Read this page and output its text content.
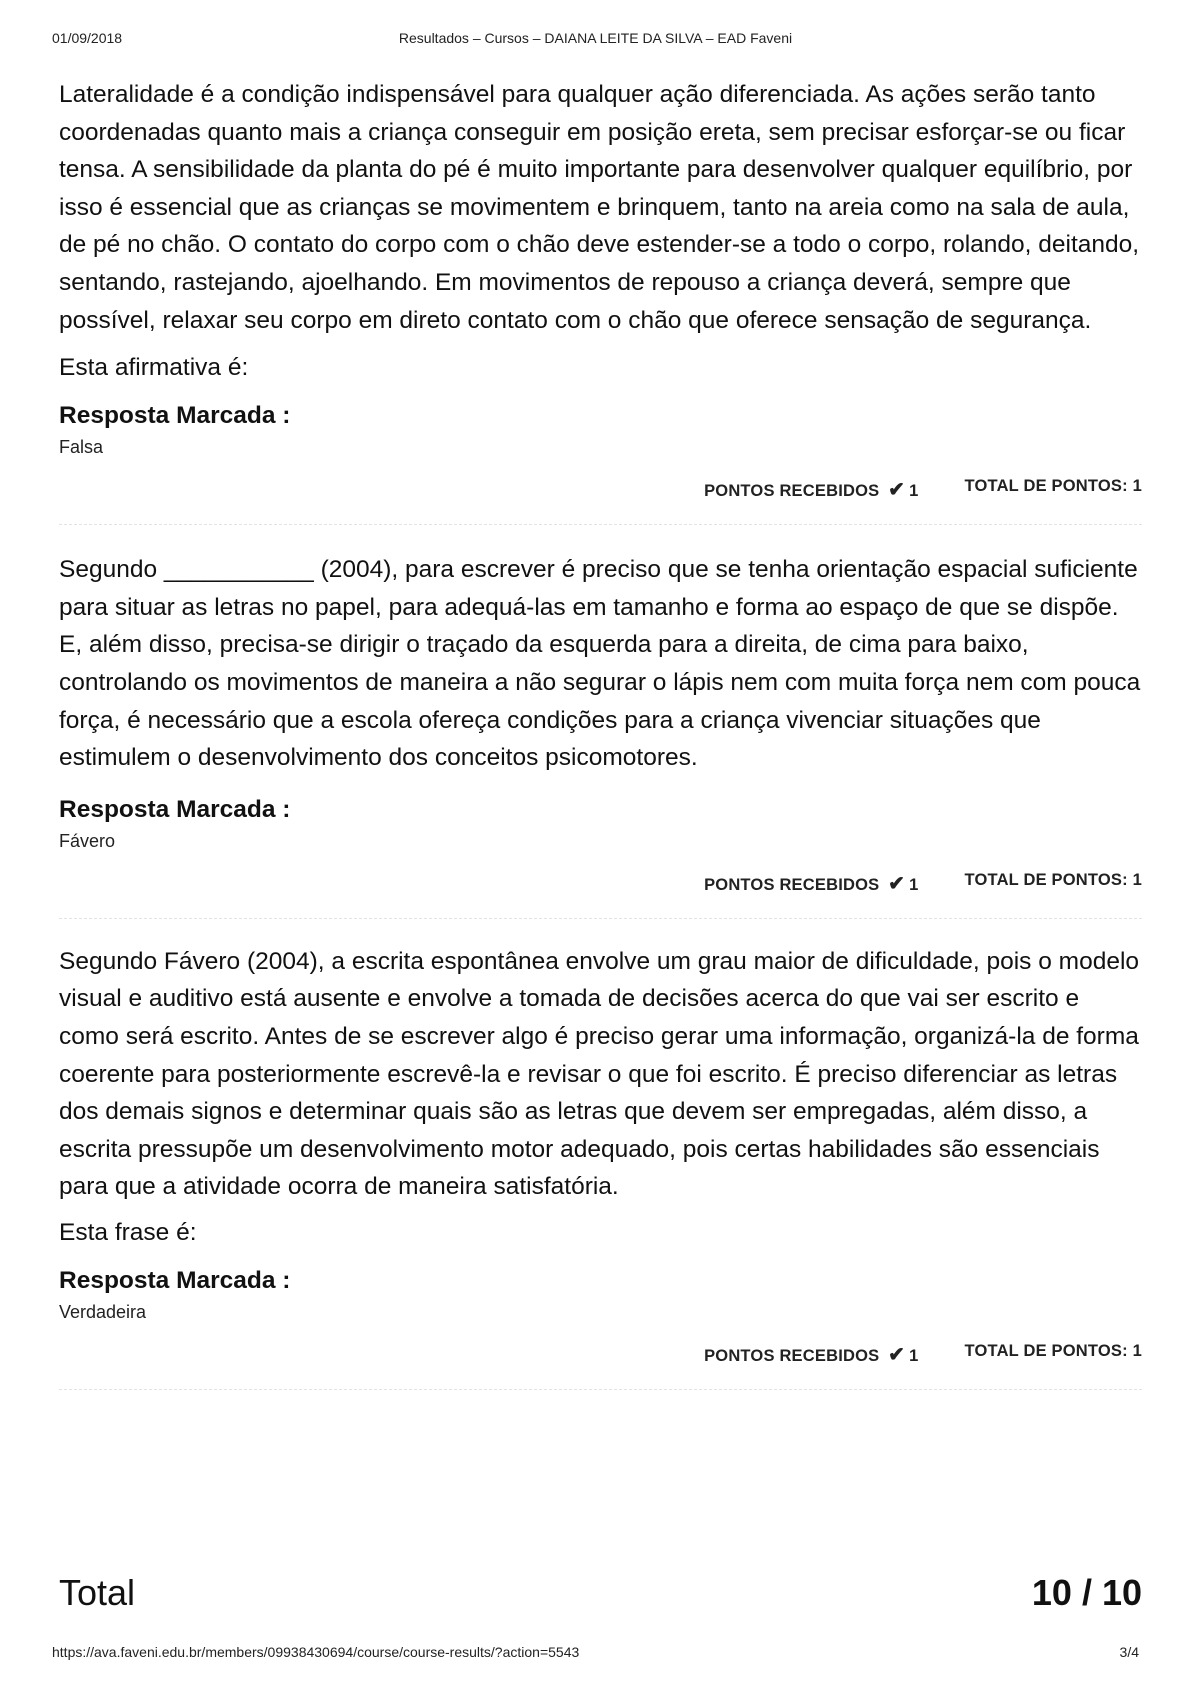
01/09/2018	Resultados – Cursos – DAIANA LEITE DA SILVA – EAD Faveni

Lateralidade é a condição indispensável para qualquer ação diferenciada. As ações serão tanto coordenadas quanto mais a criança conseguir em posição ereta, sem precisar esforçar-se ou ficar tensa. A sensibilidade da planta do pé é muito importante para desenvolver qualquer equilíbrio, por isso é essencial que as crianças se movimentem e brinquem, tanto na areia como na sala de aula, de pé no chão. O contato do corpo com o chão deve estender-se a todo o corpo, rolando, deitando, sentando, rastejando, ajoelhando. Em movimentos de repouso a criança deverá, sempre que possível, relaxar seu corpo em direto contato com o chão que oferece sensação de segurança.

Esta afirmativa é:

Resposta Marcada :

Falsa

PONTOS RECEBIDOS ✔ 1	TOTAL DE PONTOS: 1

Segundo ___________ (2004), para escrever é preciso que se tenha orientação espacial suficiente para situar as letras no papel, para adequá-las em tamanho e forma ao espaço de que se dispõe. E, além disso, precisa-se dirigir o traçado da esquerda para a direita, de cima para baixo, controlando os movimentos de maneira a não segurar o lápis nem com muita força nem com pouca força, é necessário que a escola ofereça condições para a criança vivenciar situações que estimulem o desenvolvimento dos conceitos psicomotores.

Resposta Marcada :

Fávero

PONTOS RECEBIDOS ✔ 1	TOTAL DE PONTOS: 1

Segundo Fávero (2004), a escrita espontânea envolve um grau maior de dificuldade, pois o modelo visual e auditivo está ausente e envolve a tomada de decisões acerca do que vai ser escrito e como será escrito. Antes de se escrever algo é preciso gerar uma informação, organizá-la de forma coerente para posteriormente escrevê-la e revisar o que foi escrito. É preciso diferenciar as letras dos demais signos e determinar quais são as letras que devem ser empregadas, além disso, a escrita pressupõe um desenvolvimento motor adequado, pois certas habilidades são essenciais para que a atividade ocorra de maneira satisfatória.

Esta frase é:

Resposta Marcada :

Verdadeira

PONTOS RECEBIDOS ✔ 1	TOTAL DE PONTOS: 1
Total	10 / 10
https://ava.faveni.edu.br/members/09938430694/course/course-results/?action=5543	3/4
